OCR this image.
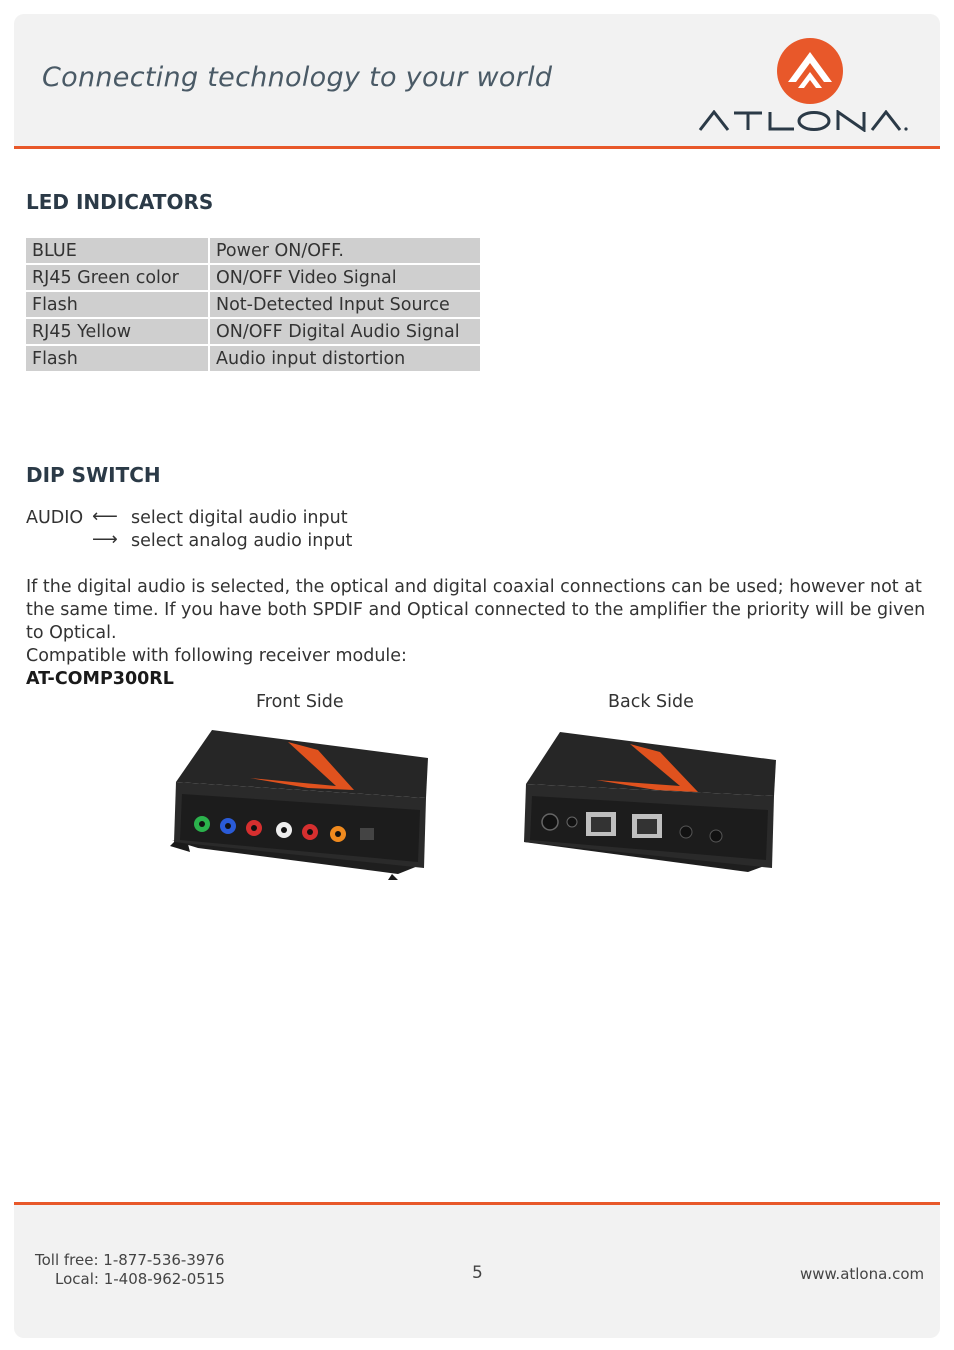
Connecting technology to your world
LED INDICATORS
BLUE	Power ON/OFF.
RJ45 Green color	ON/OFF Video Signal
Flash	Not-Detected Input Source
RJ45 Yellow	ON/OFF Digital Audio Signal
Flash	Audio input distortion
DIP SWITCH
AUDIO ⟵ select digital audio input
⟶ select analog audio input

If the digital audio is selected, the optical and digital coaxial connections can be used; however not at the same time. If you have both SPDIF and Optical connected to the amplifier the priority will be given to Optical.

Compatible with following receiver module:
AT-COMP300RL
Front Side	Back Side
Toll free: 1-877-536-3976
Local: 1-408-962-0515	5	www.atlona.com
